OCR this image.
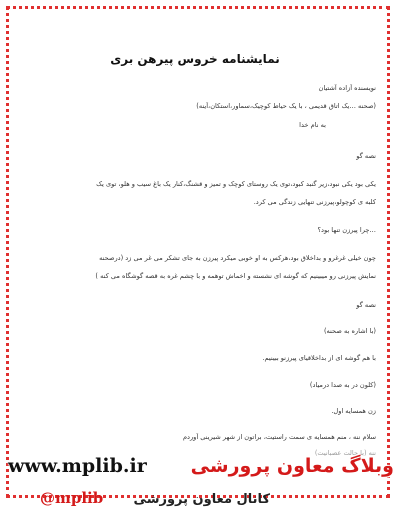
نمایشنامه خروس پیرهن بری
نویسنده آزاده آشتیان
(صحنه …یک اتاق قدیمی ، با یک حیاط کوچیک،سماور،استکان،آینه)
به نام خدا
نصه گو
یکی بود یکی نبود،زیر گنبد کبود،توی یک روستای کوچک و تمیز و قشنگ،کنار یک باغ سیب و هلو، توی یک
کلبه ی کوچولو،پیرزنی تنهایی زندگی می کرد.
…چرا پیرزن تنها بود؟
چون خیلی غرغرو و بداخلاق بود،هرکس به او خوبی میکرد پیرزن به جای تشکر می غر می زد (درصحنه
نمایش پیرزنی رو میبینیم که گوشه ای نشسته و اخماش توهمه و با چشم غره به قصه گوشگاه می کنه )
نصه گو
(با اشاره به صحنه)
با هم گوشه ای از بداخلاقیای پیرزنو ببینیم.
(کلون در به صدا درمیاد)
زن همسایه اول.
سلام ننه ، منم همسایه ی سمت راستیت، براتون از شهر شیرینی آوردم
ننه (با حالت عصبانیت)
وبلاگ معاون پرورشی
www.mplib.ir
کانال معاون پرورشی
@mplib
